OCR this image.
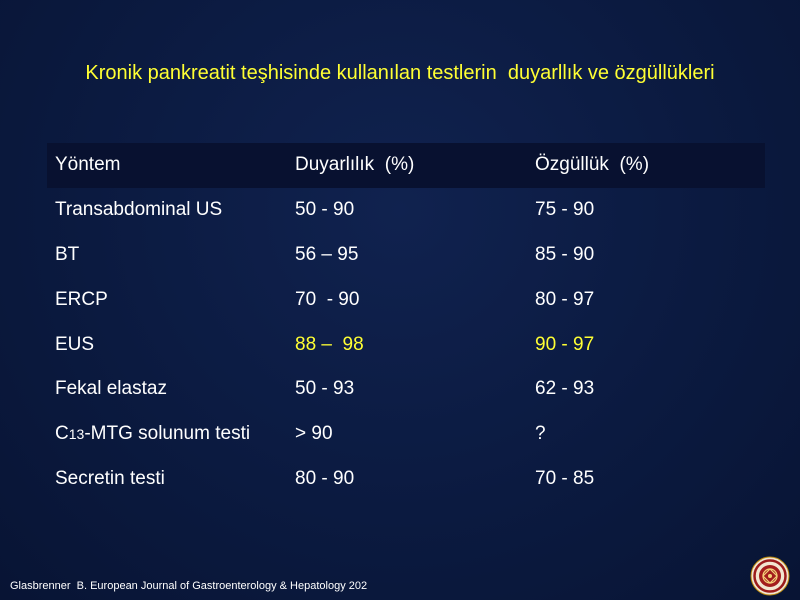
Kronik pankreatit teşhisinde kullanılan testlerin  duyarllık ve özgüllükleri
Yöntem	Duyarlılık  (%)	Özgüllük  (%)
Transabdominal US	50 - 90	75 - 90
BT	56 – 95	85 - 90
ERCP	70  - 90	80 - 97
EUS	88 –  98	90 - 97
Fekal elastaz	50 - 93	62 - 93
C13-MTG solunum testi	> 90	?
Secretin testi	80 - 90	70 - 85
Glasbrenner  B. European Journal of Gastroenterology & Hepatology 202
